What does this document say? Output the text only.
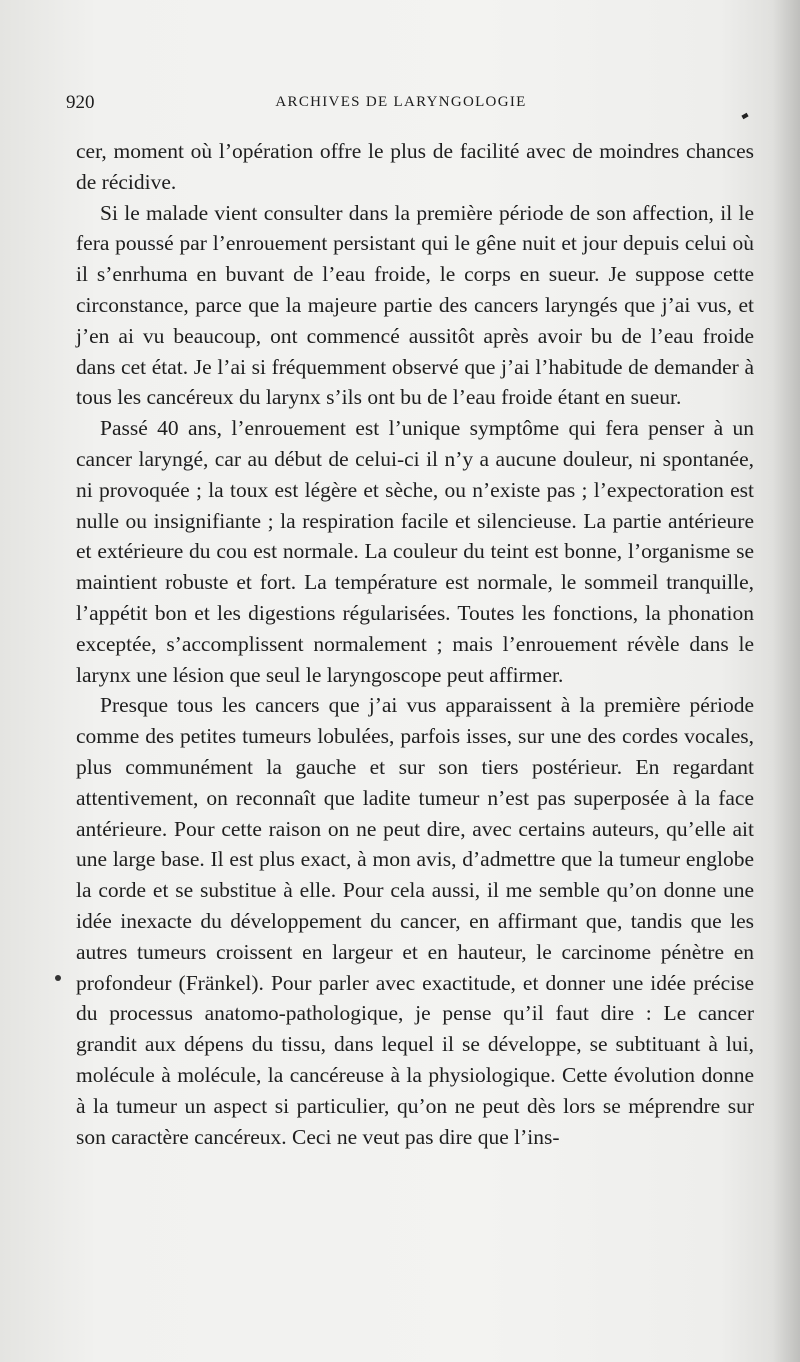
920	ARCHIVES DE LARYNGOLOGIE

cer, moment où l’opération offre le plus de facilité avec de moindres chances de récidive.

Si le malade vient consulter dans la première période de son affection, il le fera poussé par l’enrouement persistant qui le gêne nuit et jour depuis celui où il s’enrhuma en buvant de l’eau froide, le corps en sueur. Je suppose cette circonstance, parce que la majeure partie des cancers laryngés que j’ai vus, et j’en ai vu beaucoup, ont commencé aussitôt après avoir bu de l’eau froide dans cet état. Je l’ai si fréquemment observé que j’ai l’habitude de demander à tous les cancéreux du larynx s’ils ont bu de l’eau froide étant en sueur.

Passé 40 ans, l’enrouement est l’unique symptôme qui fera penser à un cancer laryngé, car au début de celui-ci il n’y a aucune douleur, ni spontanée, ni provoquée ; la toux est légère et sèche, ou n’existe pas ; l’expectoration est nulle ou insignifiante ; la respiration facile et silencieuse. La partie antérieure et extérieure du cou est normale. La couleur du teint est bonne, l’organisme se maintient robuste et fort. La température est normale, le sommeil tranquille, l’appétit bon et les digestions régularisées. Toutes les fonctions, la phonation exceptée, s’accomplissent normalement ; mais l’enrouement révèle dans le larynx une lésion que seul le laryngoscope peut affirmer.

Presque tous les cancers que j’ai vus apparaissent à la première période comme des petites tumeurs lobulées, parfois isses, sur une des cordes vocales, plus communément la gauche et sur son tiers postérieur. En regardant attentivement, on reconnaît que ladite tumeur n’est pas superposée à la face antérieure. Pour cette raison on ne peut dire, avec certains auteurs, qu’elle ait une large base. Il est plus exact, à mon avis, d’admettre que la tumeur englobe la corde et se substitue à elle. Pour cela aussi, il me semble qu’on donne une idée inexacte du développement du cancer, en affirmant que, tandis que les autres tumeurs croissent en largeur et en hauteur, le carcinome pénètre en profondeur (Fränkel). Pour parler avec exactitude, et donner une idée précise du processus anatomo-pathologique, je pense qu’il faut dire : Le cancer grandit aux dépens du tissu, dans lequel il se développe, se subtituant à lui, molécule à molécule, la cancéreuse à la physiologique. Cette évolution donne à la tumeur un aspect si particulier, qu’on ne peut dès lors se méprendre sur son caractère cancéreux. Ceci ne veut pas dire que l’ins-
